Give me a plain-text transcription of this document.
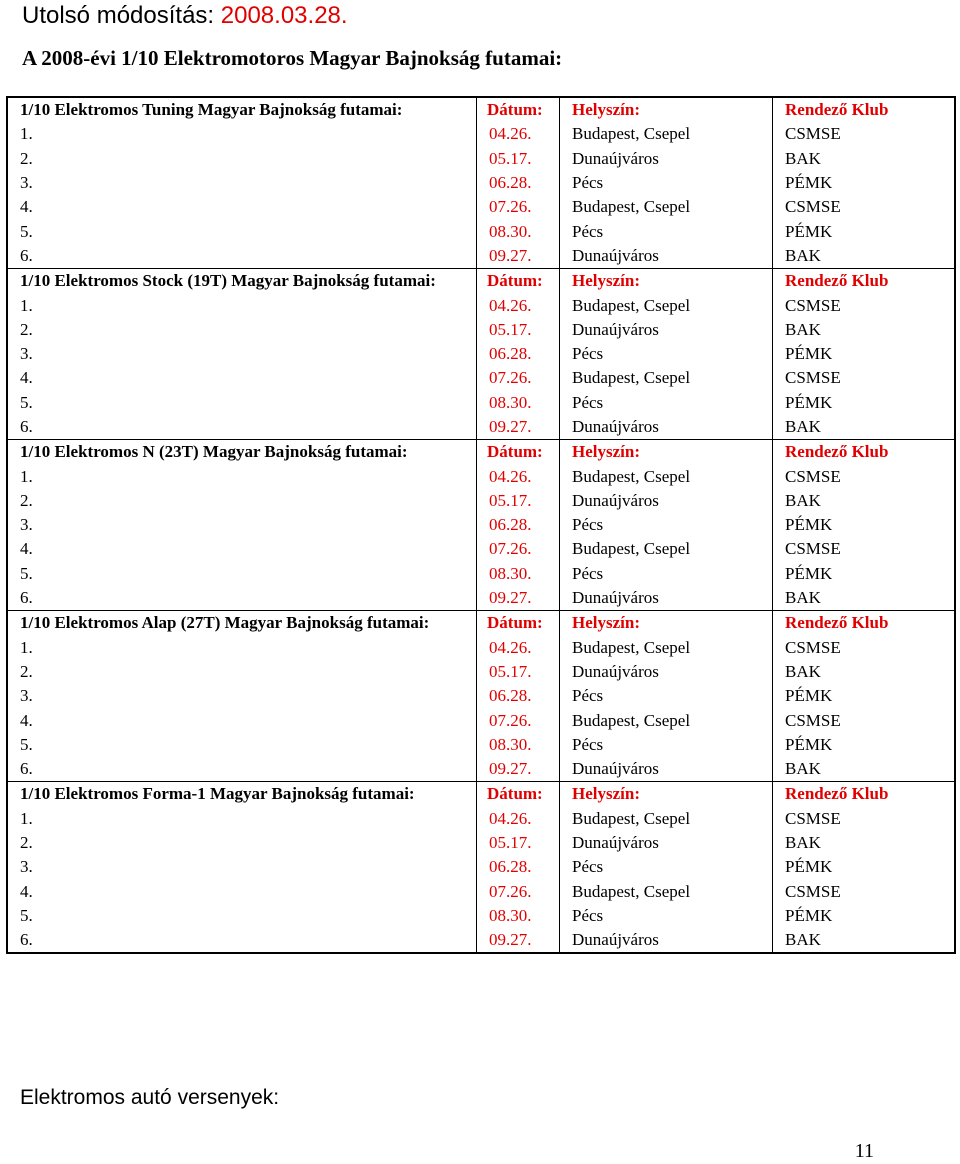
Utolsó módosítás: 2008.03.28.
A 2008-évi 1/10 Elektromotoros Magyar Bajnokság futamai:
1/10 Elektromos Tuning Magyar Bajnokság futamai:	Dátum:	Helyszín:	Rendező Klub
1.	04.26.	Budapest, Csepel	CSMSE
2.	05.17.	Dunaújváros	BAK
3.	06.28.	Pécs	PÉMK
4.	07.26.	Budapest, Csepel	CSMSE
5.	08.30.	Pécs	PÉMK
6.	09.27.	Dunaújváros	BAK
1/10 Elektromos Stock (19T) Magyar Bajnokság futamai:	Dátum:	Helyszín:	Rendező Klub
1.	04.26.	Budapest, Csepel	CSMSE
2.	05.17.	Dunaújváros	BAK
3.	06.28.	Pécs	PÉMK
4.	07.26.	Budapest, Csepel	CSMSE
5.	08.30.	Pécs	PÉMK
6.	09.27.	Dunaújváros	BAK
1/10 Elektromos N (23T) Magyar Bajnokság futamai:	Dátum:	Helyszín:	Rendező Klub
1.	04.26.	Budapest, Csepel	CSMSE
2.	05.17.	Dunaújváros	BAK
3.	06.28.	Pécs	PÉMK
4.	07.26.	Budapest, Csepel	CSMSE
5.	08.30.	Pécs	PÉMK
6.	09.27.	Dunaújváros	BAK
1/10 Elektromos Alap (27T) Magyar Bajnokság futamai:	Dátum:	Helyszín:	Rendező Klub
1.	04.26.	Budapest, Csepel	CSMSE
2.	05.17.	Dunaújváros	BAK
3.	06.28.	Pécs	PÉMK
4.	07.26.	Budapest, Csepel	CSMSE
5.	08.30.	Pécs	PÉMK
6.	09.27.	Dunaújváros	BAK
1/10 Elektromos Forma-1 Magyar Bajnokság futamai:	Dátum:	Helyszín:	Rendező Klub
1.	04.26.	Budapest, Csepel	CSMSE
2.	05.17.	Dunaújváros	BAK
3.	06.28.	Pécs	PÉMK
4.	07.26.	Budapest, Csepel	CSMSE
5.	08.30.	Pécs	PÉMK
6.	09.27.	Dunaújváros	BAK
Elektromos autó versenyek:
11
